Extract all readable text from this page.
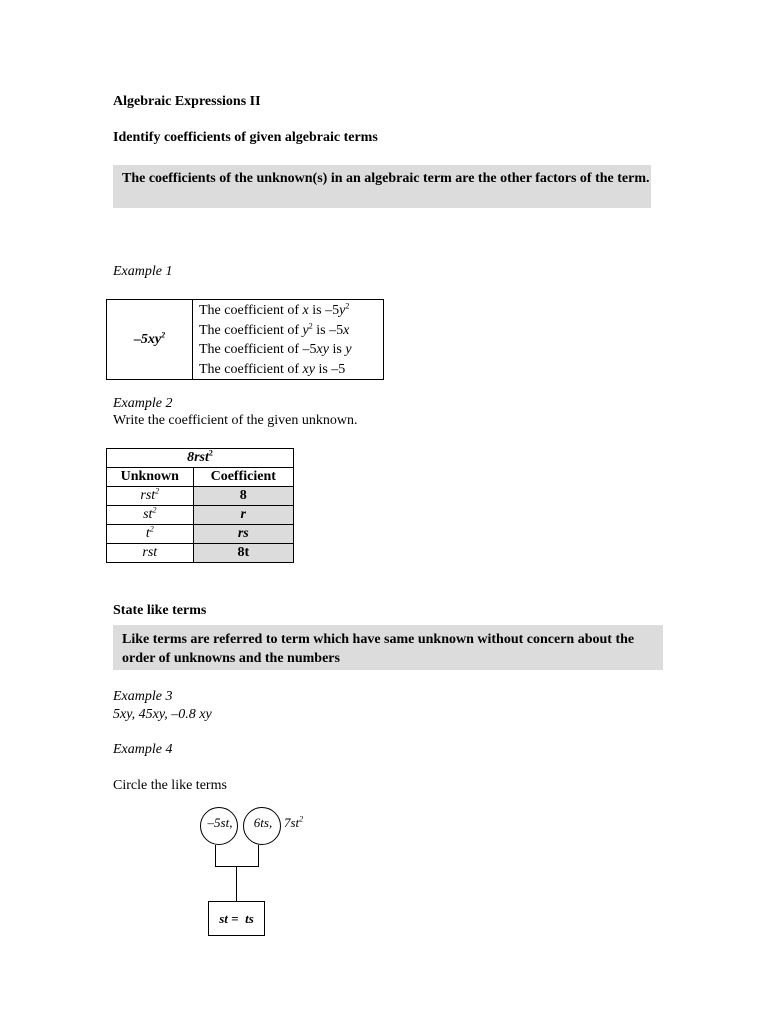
Algebraic Expressions II
Identify coefficients of given algebraic terms
The coefficients of the unknown(s) in an algebraic term are the other factors of the term.
Example 1
$-5xy^2$	
The coefficient of x is $-5y^2$
The coefficient of $y^2$ is –5x
The coefficient of –5xy is y
The coefficient of xy is –5
Example 2
Write the coefficient of the given unknown.
8rst$^2$
Unknown	Coefficient
rst$^2$	8
$st^2$	r
$t^2$	rs
rst	8t
State like terms
Like terms are referred to term which have same unknown without concern about the order of unknowns and the numbers
Example 3
5xy, 45xy, –0.8 xy
Example 4
Circle the like terms
–5st,	6ts, $7st^2$
st =  ts
